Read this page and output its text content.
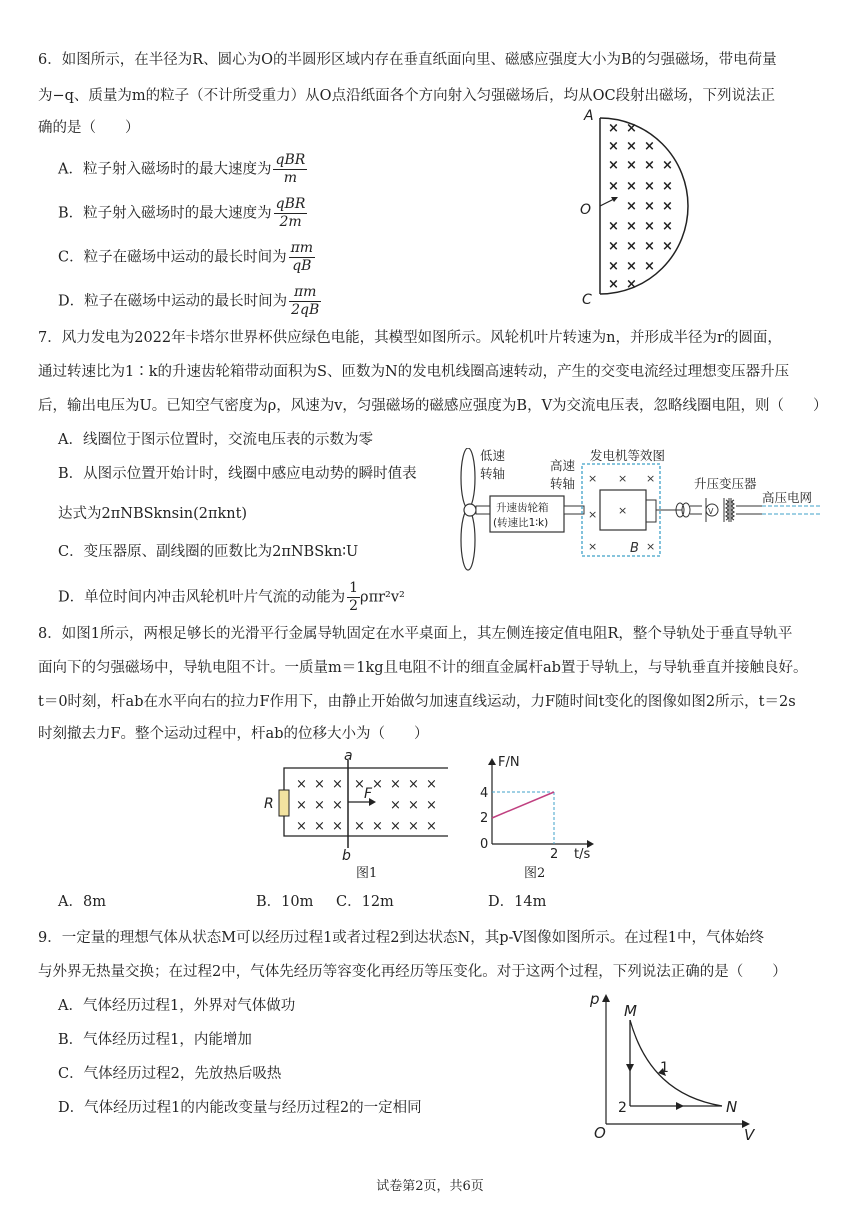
6．如图所示，在半径为R、圆心为O的半圆形区域内存在垂直纸面向里、磁感应强度大小为B的匀强磁场，带电荷量
为−q、质量为m的粒子（不计所受重力）从O点沿纸面各个方向射入匀强磁场后，均从OC段射出磁场，下列说法正
确的是（　　）
A．粒子射入磁场时的最大速度为 $\frac{\text{qBR}}{m}$
B．粒子射入磁场时的最大速度为 $\frac{\text{qBR}}{2m}$
C．粒子在磁场中运动的最长时间为 $\frac{\pi m}{qB}$
D．粒子在磁场中运动的最长时间为 $\frac{\pi m}{2qB}$
× ×
× × ×
× × × ×
× × × ×
× × ×
× × × ×
× × × ×
× × ×
× ×
A
O
C
7．风力发电为2022年卡塔尔世界杯供应绿色电能，其模型如图所示。风轮机叶片转速为n，并形成半径为r的圆面，
通过转速比为1∶k的升速齿轮箱带动面积为S、匝数为N的发电机线圈高速转动，产生的交变电流经过理想变压器升压
后，输出电压为U。已知空气密度为ρ，风速为v，匀强磁场的磁感应强度为B，V为交流电压表，忽略线圈电阻，则（　　）
A．线圈位于图示位置时，交流电压表的示数为零
B．从图示位置开始计时，线圈中感应电动势的瞬时值表
达式为2πNBSknsin(2πknt)
C．变压器原、副线圈的匝数比为2πNBSkn∶U
D．单位时间内冲击风轮机叶片气流的动能为 $\frac{1}{2} \rho\pi r^2v^2$
V
× × ×
×
×
×	×
B
低速
转轴
高速
转轴
发电机等效图
升压变压器
高压电网
升速齿轮箱
(转速比1∶k)
8．如图1所示，两根足够长的光滑平行金属导轨固定在水平桌面上，其左侧连接定值电阻R，整个导轨处于垂直导轨平
面向下的匀强磁场中，导轨电阻不计。一质量m＝1kg且电阻不计的细直金属杆ab置于导轨上，与导轨垂直并接触良好。
t＝0时刻，杆ab在水平向右的拉力F作用下，由静止开始做匀加速直线运动，力F随时间t变化的图像如图2所示，t＝2s
时刻撤去力F。整个运动过程中，杆ab的位移大小为（　　）
× × × × × × × ×
× × ×	× × ×
× × × × × × × ×
R
a
b
F
图1
F/N
t/s
4
2
0
2
图2
A．8m	B．10m C．12m	D．14m
9．一定量的理想气体从状态M可以经历过程1或者过程2到达状态N，其p-V图像如图所示。在过程1中，气体始终
与外界无热量交换；在过程2中，气体先经历等容变化再经历等压变化。对于这两个过程，下列说法正确的是（　　）
A．气体经历过程1，外界对气体做功
B．气体经历过程1，内能增加
C．气体经历过程2，先放热后吸热
D．气体经历过程1的内能改变量与经历过程2的一定相同
p
V
O
M
N
1
2
试卷第2页，共6页
